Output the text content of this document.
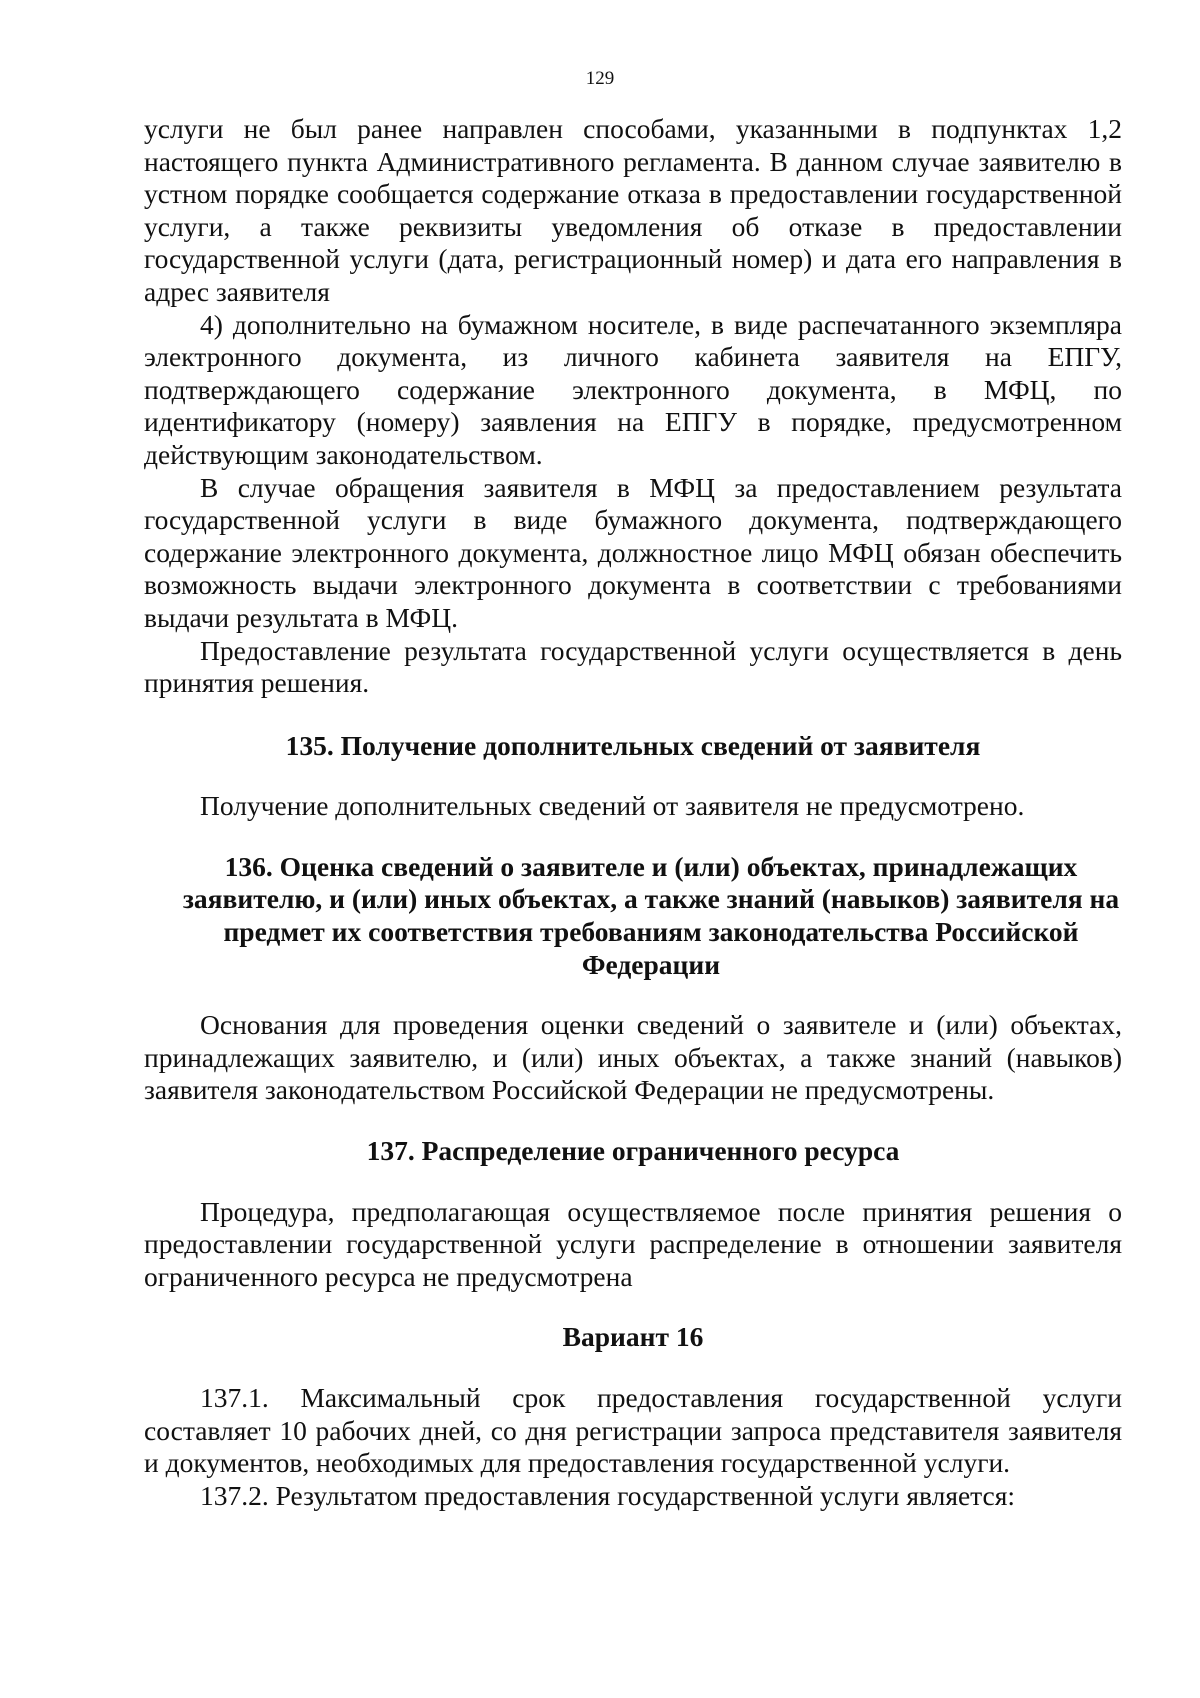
129

услуги не был ранее направлен способами, указанными в подпунктах 1,2 настоящего пункта Административного регламента. В данном случае заявителю в устном порядке сообщается содержание отказа в предоставлении государственной услуги, а также реквизиты уведомления об отказе в предоставлении государственной услуги (дата, регистрационный номер) и дата его направления в адрес заявителя

4) дополнительно на бумажном носителе, в виде распечатанного экземпляра электронного документа, из личного кабинета заявителя на ЕПГУ, подтверждающего содержание электронного документа, в МФЦ, по идентификатору (номеру) заявления на ЕПГУ в порядке, предусмотренном действующим законодательством.

В случае обращения заявителя в МФЦ за предоставлением результата государственной услуги в виде бумажного документа, подтверждающего содержание электронного документа, должностное лицо МФЦ обязан обеспечить возможность выдачи электронного документа в соответствии с требованиями выдачи результата в МФЦ.

Предоставление результата государственной услуги осуществляется в день принятия решения.

135. Получение дополнительных сведений от заявителя

Получение дополнительных сведений от заявителя не предусмотрено.

136. Оценка сведений о заявителе и (или) объектах, принадлежащих заявителю, и (или) иных объектах, а также знаний (навыков) заявителя на предмет их соответствия требованиям законодательства Российской Федерации

Основания для проведения оценки сведений о заявителе и (или) объектах, принадлежащих заявителю, и (или) иных объектах, а также знаний (навыков) заявителя законодательством Российской Федерации не предусмотрены.

137. Распределение ограниченного ресурса

Процедура, предполагающая осуществляемое после принятия решения о предоставлении государственной услуги распределение в отношении заявителя ограниченного ресурса не предусмотрена

Вариант 16

137.1. Максимальный срок предоставления государственной услуги составляет 10 рабочих дней, со дня регистрации запроса представителя заявителя и документов, необходимых для предоставления государственной услуги.

137.2. Результатом предоставления государственной услуги является:
